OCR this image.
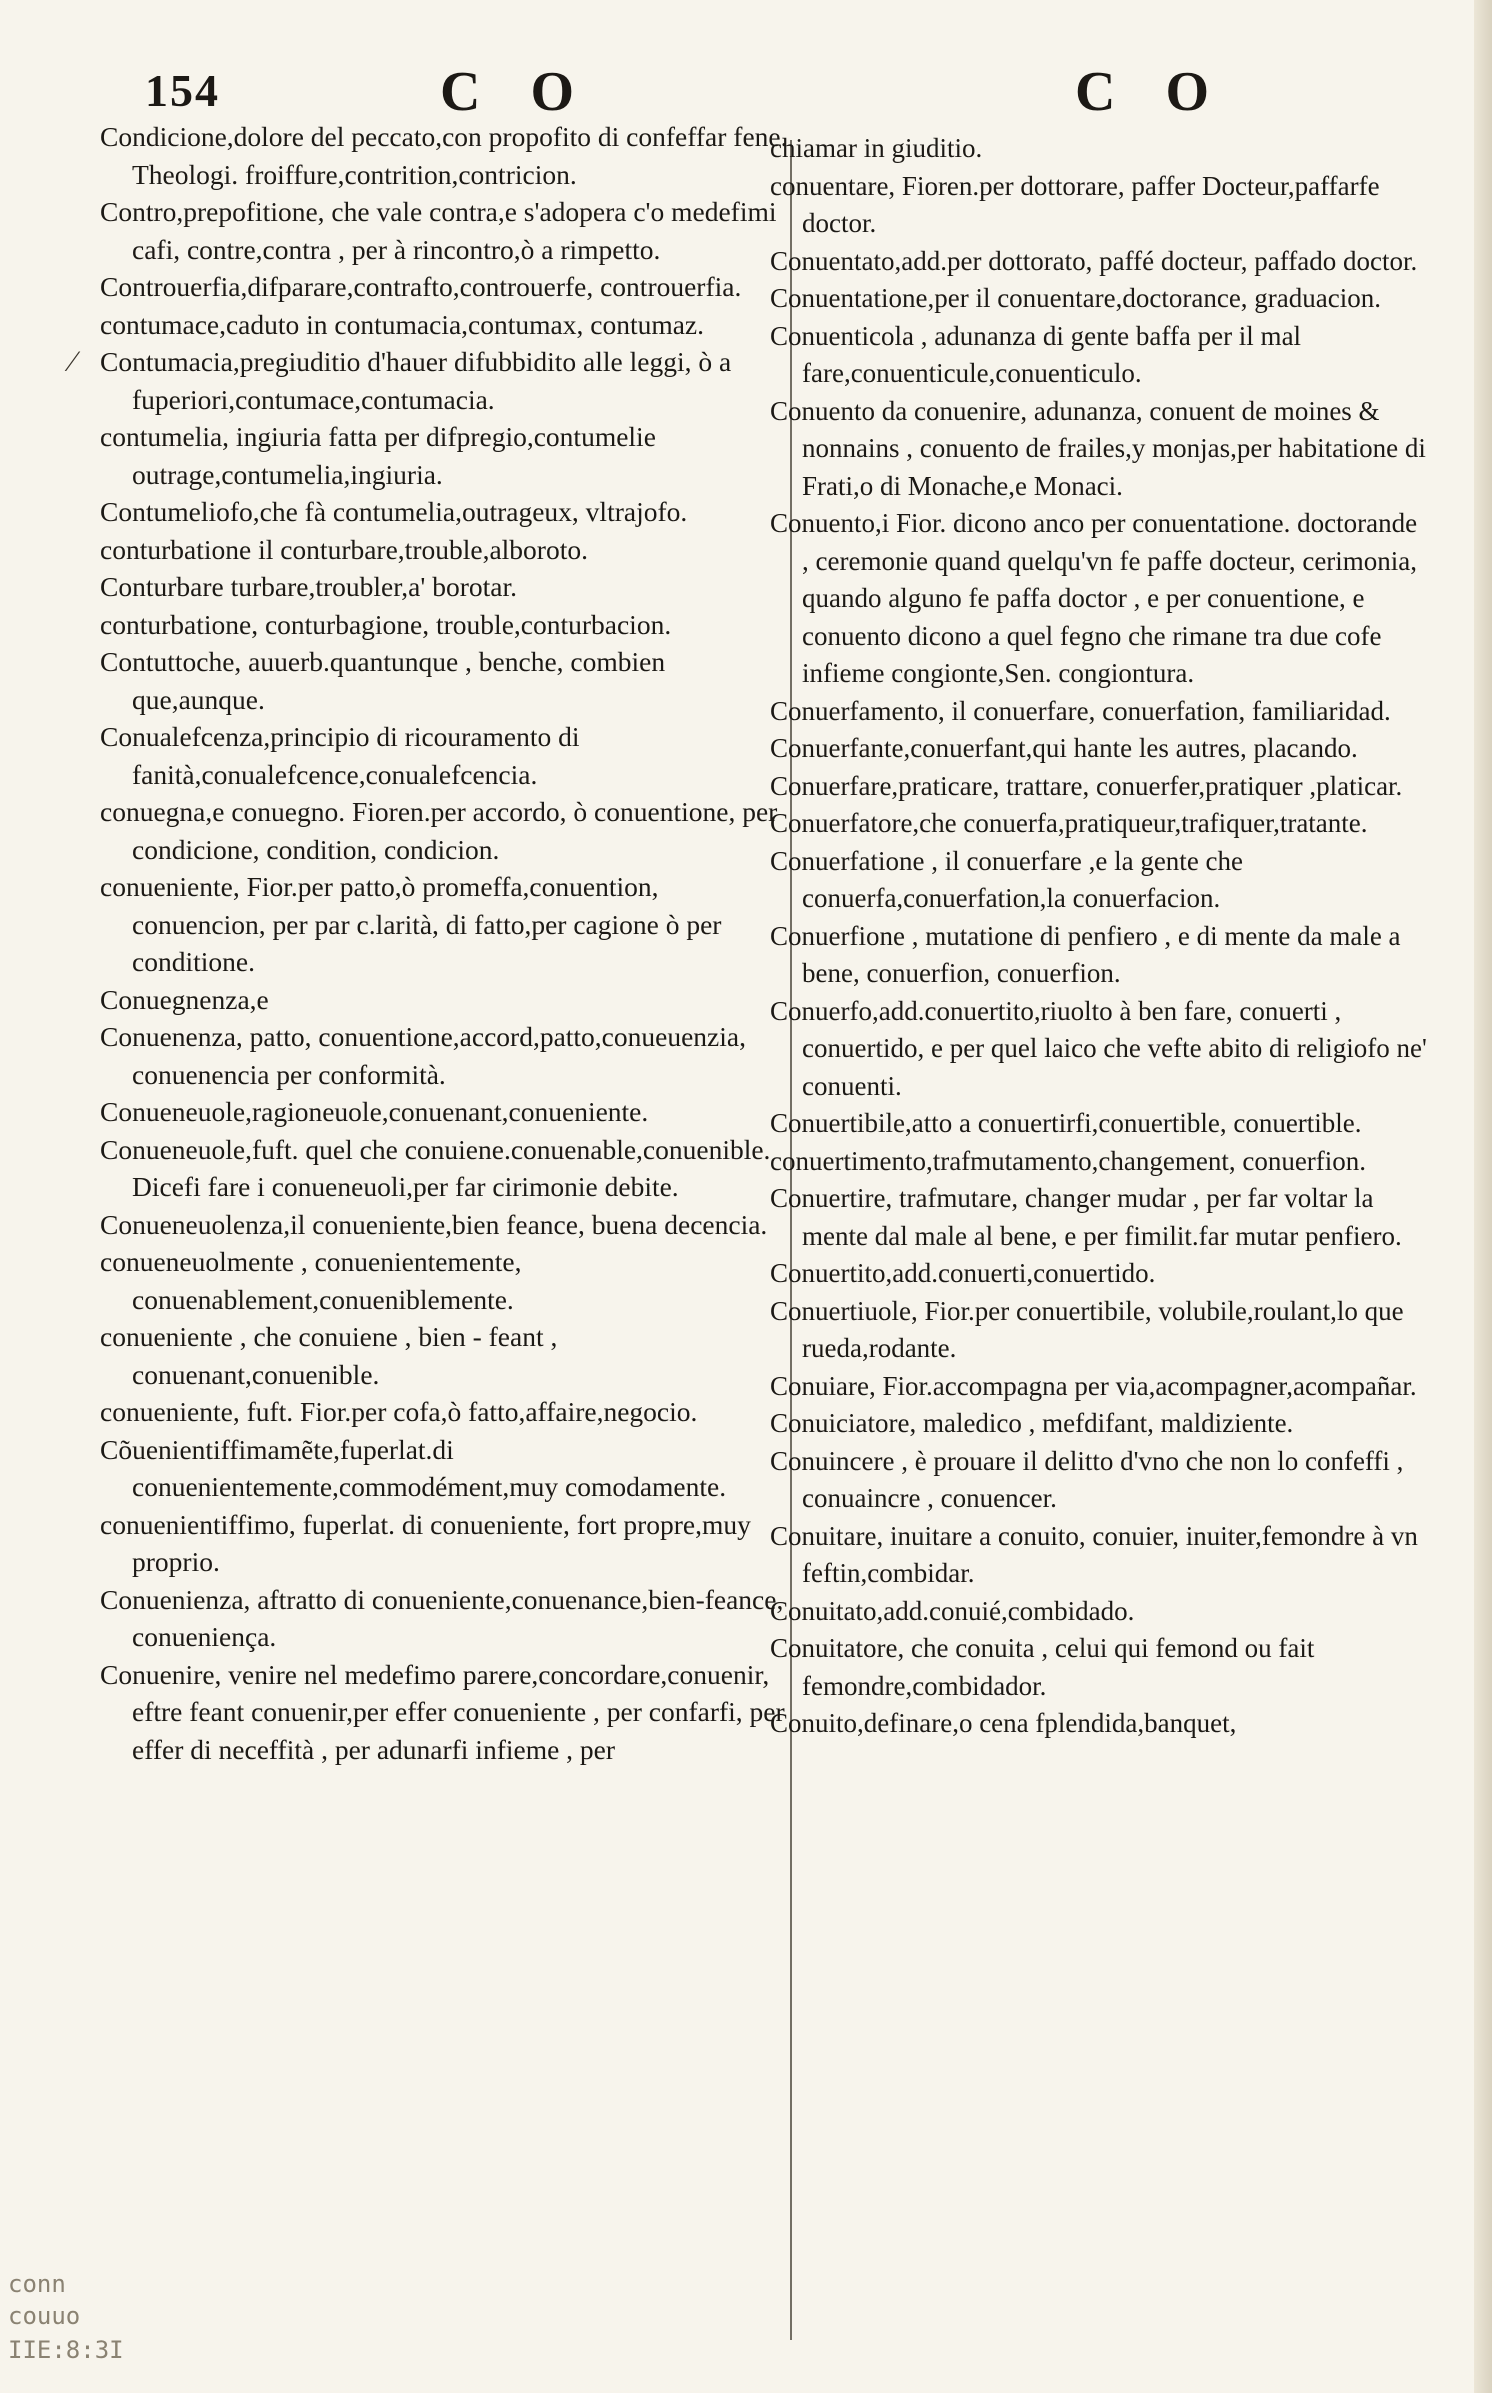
154	C O	C O
⁄

Condicione,dolore del peccato,con propofito di confeffar fene. Theologi. froiffure,contrition,contricion.

Contro,prepofitione, che vale contra,e s'adopera c'o medefimi cafi, contre,contra , per à rincontro,ò a rimpetto.

Controuerfia,difparare,contrafto,controuerfe, controuerfia.

contumace,caduto in contumacia,contumax, contumaz.

Contumacia,pregiuditio d'hauer difubbidito alle leggi, ò a fuperiori,contumace,contumacia.

contumelia, ingiuria fatta per difpregio,contumelie outrage,contumelia,ingiuria.

Contumeliofo,che fà contumelia,outrageux, vltrajofo.

conturbatione il conturbare,trouble,alboroto.

Conturbare turbare,troubler,a' borotar.

conturbatione, conturbagione, trouble,conturbacion.

Contuttoche, auuerb.quantunque , benche, combien que,aunque.

Conualefcenza,principio di ricouramento di fanità,conualefcence,conualefcencia.

conuegna,e conuegno. Fioren.per accordo, ò conuentione, per condicione, condition, condicion.

conueniente, Fior.per patto,ò promeffa,conuention, conuencion, per par c.larità, di fatto,per cagione ò per conditione.

Conuegnenza,e

Conuenenza, patto, conuentione,accord,patto,conueuenzia, conuenencia per conformità.

Conueneuole,ragioneuole,conuenant,conueniente.

Conueneuole,fuft. quel che conuiene.conuenable,conuenible. Dicefi fare i conueneuoli,per far cirimonie debite.

Conueneuolenza,il conueniente,bien feance, buena decencia.

conueneuolmente , conuenientemente, conuenablement,conueniblemente.

conueniente , che conuiene , bien - feant , conuenant,conuenible.

conueniente, fuft. Fior.per cofa,ò fatto,affaire,negocio.

Cõuenientiffimamẽte,fuperlat.di conuenientemente,commodément,muy comodamente.

conuenientiffimo, fuperlat. di conueniente, fort propre,muy proprio.

Conuenienza, aftratto di conueniente,conuenance,bien-feance, conueniença.

Conuenire, venire nel medefimo parere,concordare,conuenir, eftre feant conuenir,per effer conueniente , per confarfi, per effer di neceffità , per adunarfi infieme , per

chiamar in giuditio.

conuentare, Fioren.per dottorare, paffer Docteur,paffarfe doctor.

Conuentato,add.per dottorato, paffé docteur, paffado doctor.

Conuentatione,per il conuentare,doctorance, graduacion.

Conuenticola , adunanza di gente baffa per il mal fare,conuenticule,conuenticulo.

Conuento da conuenire, adunanza, conuent de moines & nonnains , conuento de frailes,y monjas,per habitatione di Frati,o di Monache,e Monaci.

Conuento,i Fior. dicono anco per conuentatione. doctorande , ceremonie quand quelqu'vn fe paffe docteur, cerimonia, quando alguno fe paffa doctor , e per conuentione, e conuento dicono a quel fegno che rimane tra due cofe infieme congionte,Sen. congiontura.

Conuerfamento, il conuerfare, conuerfation, familiaridad.

Conuerfante,conuerfant,qui hante les autres, placando.

Conuerfare,praticare, trattare, conuerfer,pratiquer ,platicar.

Conuerfatore,che conuerfa,pratiqueur,trafiquer,tratante.

Conuerfatione , il conuerfare ,e la gente che conuerfa,conuerfation,la conuerfacion.

Conuerfione , mutatione di penfiero , e di mente da male a bene, conuerfion, conuerfion.

Conuerfo,add.conuertito,riuolto à ben fare, conuerti , conuertido, e per quel laico che vefte abito di religiofo ne' conuenti.

Conuertibile,atto a conuertirfi,conuertible, conuertible.

conuertimento,trafmutamento,changement, conuerfion.

Conuertire, trafmutare, changer mudar , per far voltar la mente dal male al bene, e per fimilit.far mutar penfiero.

Conuertito,add.conuerti,conuertido.

Conuertiuole, Fior.per conuertibile, volubile,roulant,lo que rueda,rodante.

Conuiare, Fior.accompagna per via,acompagner,acompañar.

Conuiciatore, maledico , mefdifant, maldiziente.

Conuincere , è prouare il delitto d'vno che non lo confeffi , conuaincre , conuencer.

Conuitare, inuitare a conuito, conuier, inuiter,femondre à vn feftin,combidar.

Conuitato,add.conuié,combidado.

Conuitatore, che conuita , celui qui femond ou fait femondre,combidador.

Conuito,definare,o cena fplendida,banquet,

conn
couuo
IIE:8:3I
